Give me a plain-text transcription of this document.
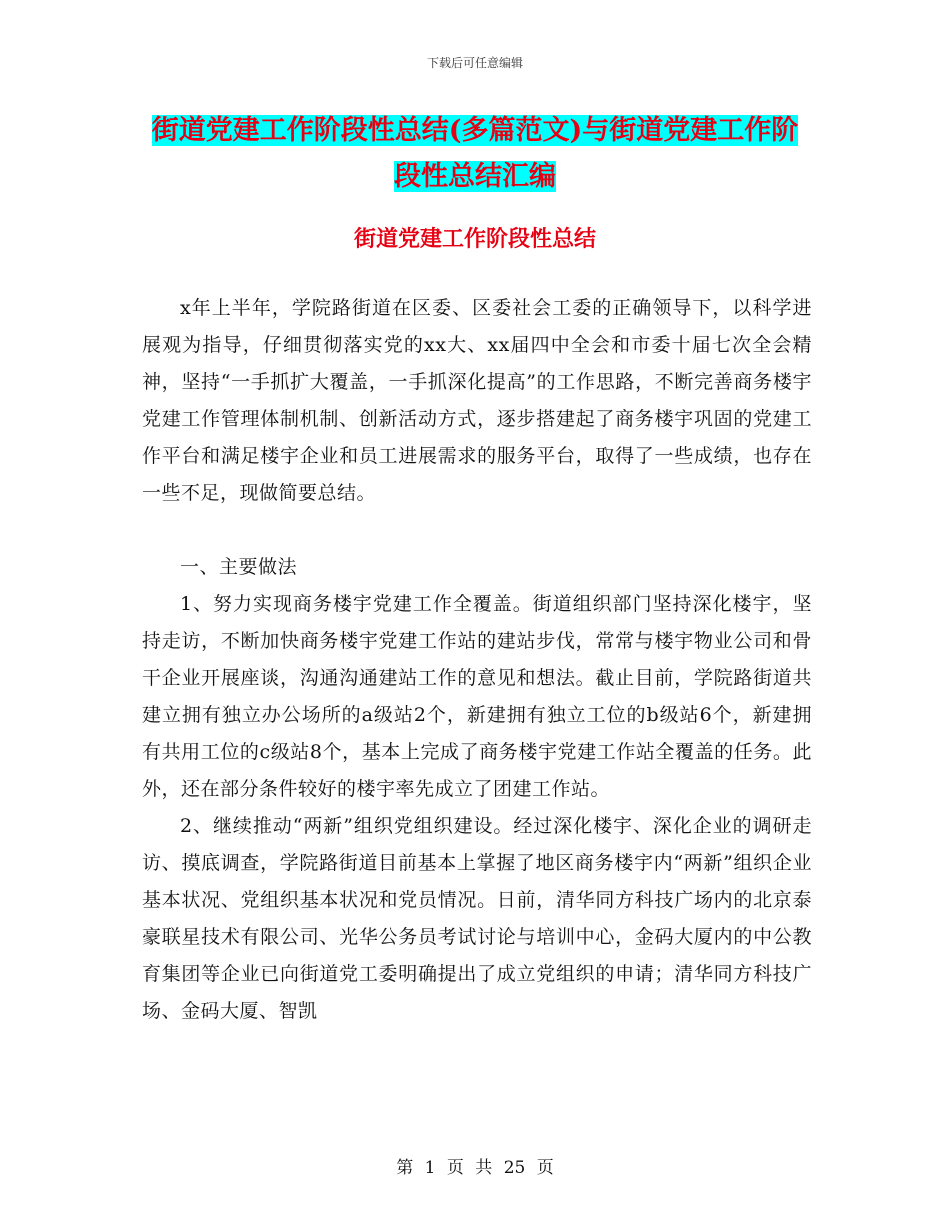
下载后可任意编辑
街道党建工作阶段性总结(多篇范文)与街道党建工作阶段性总结汇编
街道党建工作阶段性总结

x年上半年，学院路街道在区委、区委社会工委的正确领导下，以科学进展观为指导，仔细贯彻落实党的xx大、xx届四中全会和市委十届七次全会精神，坚持“一手抓扩大覆盖，一手抓深化提高”的工作思路，不断完善商务楼宇党建工作管理体制机制、创新活动方式，逐步搭建起了商务楼宇巩固的党建工作平台和满足楼宇企业和员工进展需求的服务平台，取得了一些成绩，也存在一些不足，现做简要总结。

一、主要做法

1、努力实现商务楼宇党建工作全覆盖。街道组织部门坚持深化楼宇，坚持走访，不断加快商务楼宇党建工作站的建站步伐，常常与楼宇物业公司和骨干企业开展座谈，沟通沟通建站工作的意见和想法。截止目前，学院路街道共建立拥有独立办公场所的a级站2个，新建拥有独立工位的b级站6个，新建拥有共用工位的c级站8个，基本上完成了商务楼宇党建工作站全覆盖的任务。此外，还在部分条件较好的楼宇率先成立了团建工作站。

2、继续推动“两新”组织党组织建设。经过深化楼宇、深化企业的调研走访、摸底调查，学院路街道目前基本上掌握了地区商务楼宇内“两新”组织企业基本状况、党组织基本状况和党员情况。日前，清华同方科技广场内的北京泰豪联星技术有限公司、光华公务员考试讨论与培训中心，金码大厦内的中公教育集团等企业已向街道党工委明确提出了成立党组织的申请；清华同方科技广场、金码大厦、智凯

第 1 页 共 25 页
